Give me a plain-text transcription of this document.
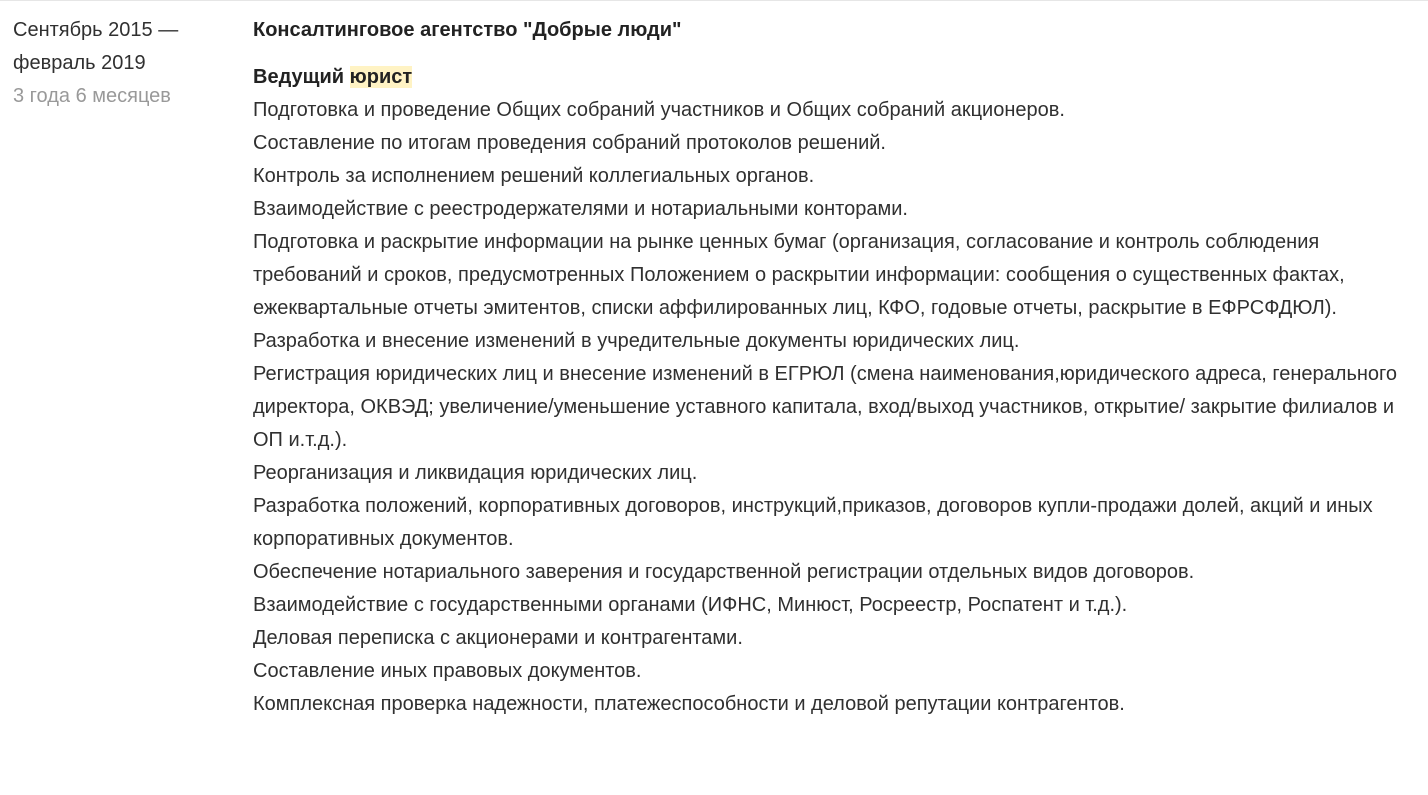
Сентябрь 2015 —
февраль 2019
3 года 6 месяцев
Консалтинговое агентство "Добрые люди"
Ведущий юрист
Подготовка и проведение Общих собраний участников и Общих собраний акционеров.
Составление по итогам проведения собраний протоколов решений.
Контроль за исполнением решений коллегиальных органов.
Взаимодействие с реестродержателями и нотариальными конторами.
Подготовка и раскрытие информации на рынке ценных бумаг (организация, согласование и контроль соблюдения требований и сроков, предусмотренных Положением о раскрытии информации: сообщения о существенных фактах, ежеквартальные отчеты эмитентов, списки аффилированных лиц, КФО, годовые отчеты, раскрытие в ЕФРСФДЮЛ).
Разработка и внесение изменений в учредительные документы юридических лиц.
Регистрация юридических лиц и внесение изменений в ЕГРЮЛ (смена наименования,юридического адреса, генерального директора, ОКВЭД; увеличение/уменьшение уставного капитала, вход/выход участников, открытие/ закрытие филиалов и ОП и.т.д.).
Реорганизация и ликвидация юридических лиц.
Разработка положений, корпоративных договоров, инструкций,приказов, договоров купли-продажи долей, акций и иных корпоративных документов.
Обеспечение нотариального заверения и государственной регистрации отдельных видов договоров.
Взаимодействие с государственными органами (ИФНС, Минюст, Росреестр, Роспатент и т.д.).
Деловая переписка с акционерами и контрагентами.
Составление иных правовых документов.
Комплексная проверка надежности, платежеспособности и деловой репутации контрагентов.
